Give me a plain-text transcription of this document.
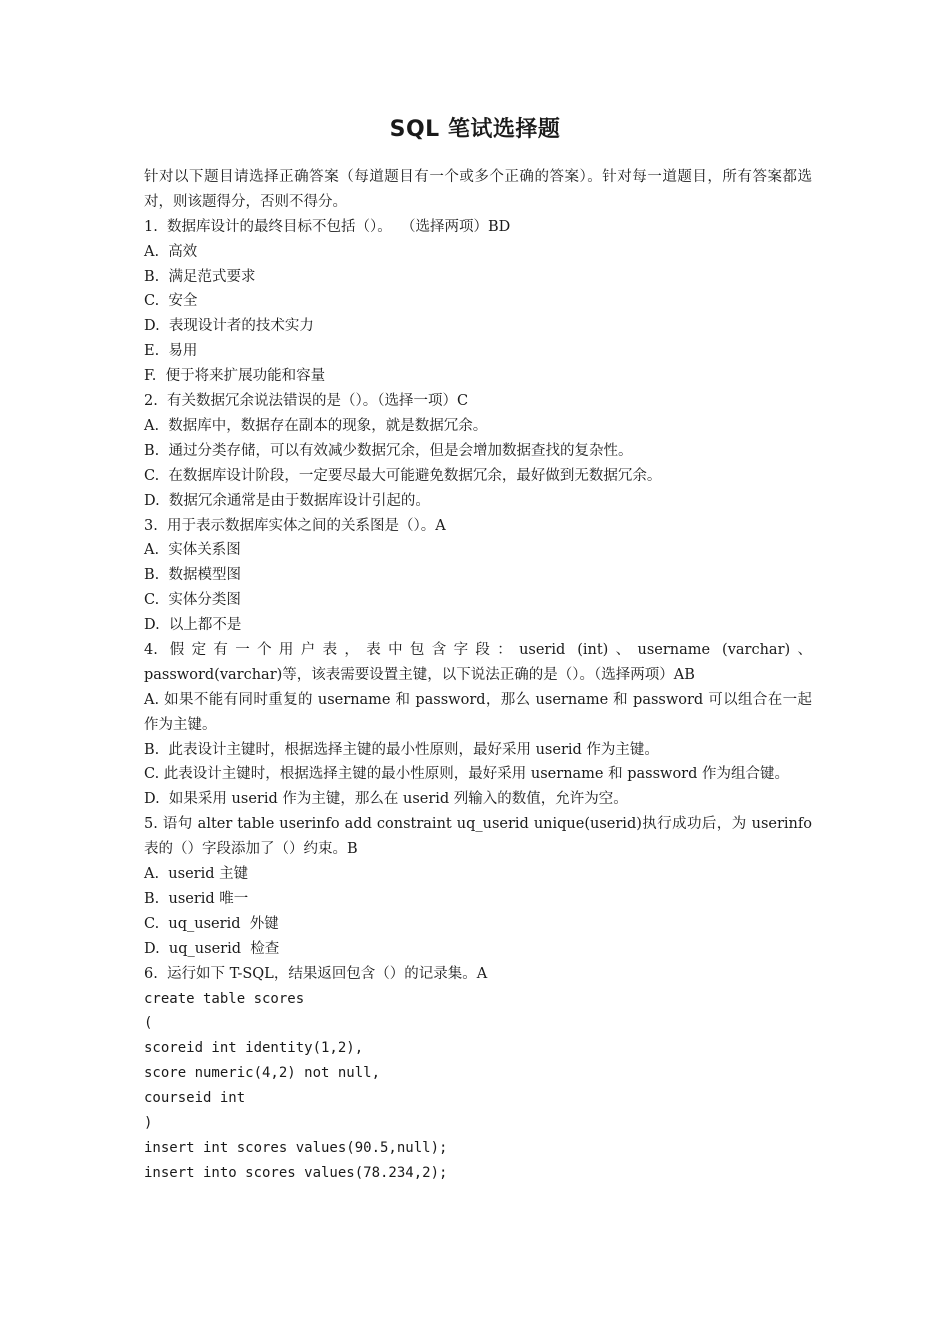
SQL 笔试选择题
针对以下题目请选择正确答案（每道题目有一个或多个正确的答案）。针对每一道题目，所有答案都选对，则该题得分，否则不得分。
1.  数据库设计的最终目标不包括（）。  （选择两项）BD
A.  高效
B.  满足范式要求
C.  安全
D.  表现设计者的技术实力
E.  易用
F.  便于将来扩展功能和容量
2.  有关数据冗余说法错误的是（）。（选择一项）C
A.  数据库中，数据存在副本的现象，就是数据冗余。
B.  通过分类存储，可以有效减少数据冗余，但是会增加数据查找的复杂性。
C.  在数据库设计阶段，一定要尽最大可能避免数据冗余，最好做到无数据冗余。
D.  数据冗余通常是由于数据库设计引起的。
3.  用于表示数据库实体之间的关系图是（）。A
A.  实体关系图
B.  数据模型图
C.  实体分类图
D.  以上都不是
4. 假定有一个用户表，表中包含字段：userid (int)、username (varchar)、
password(varchar)等，该表需要设置主键，以下说法正确的是（）。（选择两项）AB
A. 如果不能有同时重复的 username 和 password，那么 username 和 password 可以组合在一起作为主键。
B.  此表设计主键时，根据选择主键的最小性原则，最好采用 userid 作为主键。
C. 此表设计主键时，根据选择主键的最小性原则，最好采用 username 和 password 作为组合键。
D.  如果采用 userid 作为主键，那么在 userid 列输入的数值，允许为空。
5. 语句 alter table userinfo add constraint uq_userid unique(userid)执行成功后，为 userinfo 表的（）字段添加了（）约束。B
A.  userid 主键
B.  userid 唯一
C.  uq_userid  外键
D.  uq_userid  检查
6.  运行如下 T-SQL，结果返回包含（）的记录集。A
create table scores
(
scoreid int identity(1,2),
score numeric(4,2) not null,
courseid int
)
insert int scores values(90.5,null);
insert into scores values(78.234,2);
